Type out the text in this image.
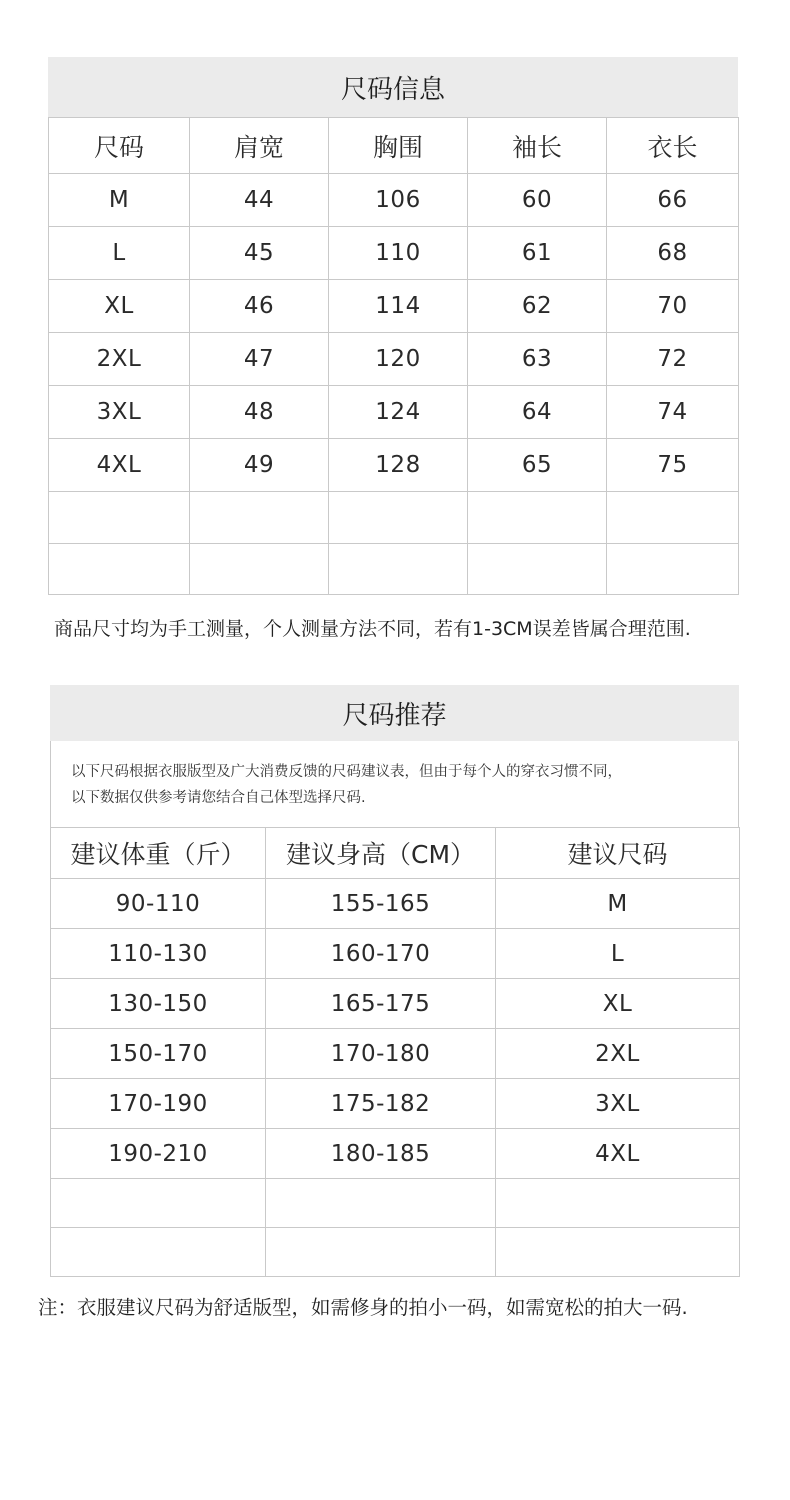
尺码信息
尺码	肩宽	胸围	袖长	衣长
M	44	106	60	66
L	45	110	61	68
XL	46	114	62	70
2XL	47	120	63	72
3XL	48	124	64	74
4XL	49	128	65	75

商品尺寸均为手工测量，个人测量方法不同，若有1-3CM误差皆属合理范围.
尺码推荐
以下尺码根据衣服版型及广大消费反馈的尺码建议表，但由于每个人的穿衣习惯不同，
以下数据仅供参考请您结合自己体型选择尺码.
建议体重（斤）	建议身高（CM）	建议尺码
90-110	155-165	M
110-130	160-170	L
130-150	165-175	XL
150-170	170-180	2XL
170-190	175-182	3XL
190-210	180-185	4XL

注：衣服建议尺码为舒适版型，如需修身的拍小一码，如需宽松的拍大一码.
